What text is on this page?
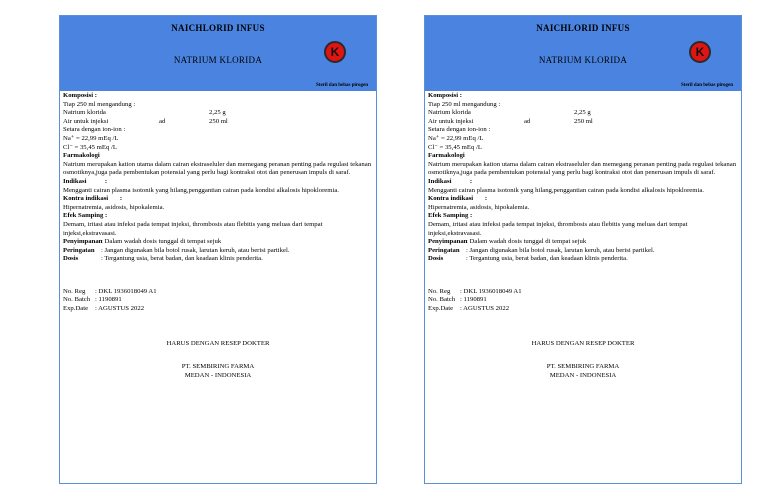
NAICHLORID INFUS
NATRIUM KLORIDA
K
Steril dan bebas pirogen
Komposisi :
Tiap 250 ml mengandung :
Natrium klorida	2,25 g
Air untuk injeksi	ad	250 ml
Setara dengan ion-ion :
Na⁺ = 22,99 mEq /L
Cl⁻ = 35,45 mEq /L
Farmakologi
Natrium merupakan kation utama dalam cairan ekstraseluler dan memegang peranan penting pada regulasi tekanan osmotiknya,juga pada pembentukan potensial yang perlu bagi kontraksi otot dan penerusan impuls di saraf.
Indikasi	:
Mengganti cairan plasma isotonik yang hilang,penggantian cairan pada kondisi alkalosis hipokloremia.
Kontra indikasi :
Hipernatremia, asidosis, hipokalemia.
Efek Samping :
Demam, iritasi atau infeksi pada tempat injeksi, thrombosis atau flebitis yang meluas dari tempat injeksi,ekstravasasi.
Penyimpanan: Dalam wadah dosis tunggal di tempat sejuk
Peringatan : Jangan digunakan bila botol rusak, larutan keruh, atau berisi partikel.
Dosis	: Tergantung usia, berat badan, dan keadaan klinis penderita.
No. Reg	: DKL 1936018049 A1
No. Batch : 1190891
Exp.Date	: AGUSTUS 2022
HARUS DENGAN RESEP DOKTER
PT. SEMBIRING FARMA
MEDAN - INDONESIA
NAICHLORID INFUS
NATRIUM KLORIDA
K
Steril dan bebas pirogen
Komposisi :
Tiap 250 ml mengandung :
Natrium klorida	2,25 g
Air untuk injeksi	ad	250 ml
Setara dengan ion-ion :
Na⁺ = 22,99 mEq /L
Cl⁻ = 35,45 mEq /L
Farmakologi
Natrium merupakan kation utama dalam cairan ekstraseluler dan memegang peranan penting pada regulasi tekanan osmotiknya,juga pada pembentukan potensial yang perlu bagi kontraksi otot dan penerusan impuls di saraf.
Indikasi	:
Mengganti cairan plasma isotonik yang hilang,penggantian cairan pada kondisi alkalosis hipokloremia.
Kontra indikasi :
Hipernatremia, asidosis, hipokalemia.
Efek Samping :
Demam, iritasi atau infeksi pada tempat injeksi, thrombosis atau flebitis yang meluas dari tempat injeksi,ekstravasasi.
Penyimpanan: Dalam wadah dosis tunggal di tempat sejuk
Peringatan : Jangan digunakan bila botol rusak, larutan keruh, atau berisi partikel.
Dosis	: Tergantung usia, berat badan, dan keadaan klinis penderita.
No. Reg	: DKL 1936018049 A1
No. Batch : 1190891
Exp.Date	: AGUSTUS 2022
HARUS DENGAN RESEP DOKTER
PT. SEMBIRING FARMA
MEDAN - INDONESIA
